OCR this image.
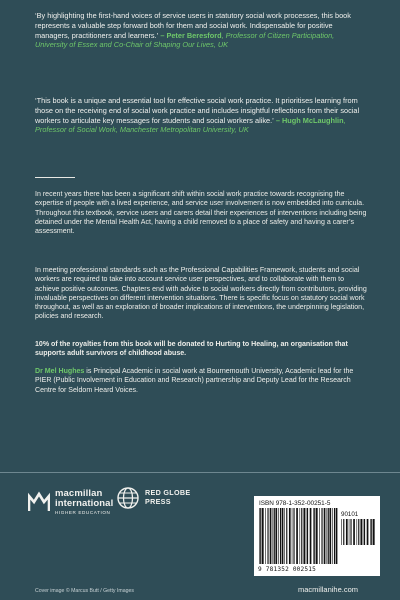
‘By highlighting the first-hand voices of service users in statutory social work processes, this book represents a valuable step forward both for them and social work. Indispensable for positive managers, practitioners and learners.’ – Peter Beresford, Professor of Citizen Participation, University of Essex and Co-Chair of Shaping Our Lives, UK
‘This book is a unique and essential tool for effective social work practice. It prioritises learning from those on the receiving end of social work practice and includes insightful reflections from their social workers to articulate key messages for students and social workers alike.’ – Hugh McLaughlin, Professor of Social Work, Manchester Metropolitan University, UK

In recent years there has been a significant shift within social work practice towards recognising the expertise of people with a lived experience, and service user involvement is now embedded into curricula. Throughout this textbook, service users and carers detail their experiences of interventions including being detained under the Mental Health Act, having a child removed to a place of safety and having a carer’s assessment.

In meeting professional standards such as the Professional Capabilities Framework, students and social workers are required to take into account service user perspectives, and to collaborate with them to achieve positive outcomes. Chapters end with advice to social workers directly from contributors, providing invaluable perspectives on different intervention situations. There is specific focus on statutory social work throughout, as well as an exploration of broader implications of interventions, the underpinning legislation, policies and research.

10% of the royalties from this book will be donated to Hurting to Healing, an organisation that supports adult survivors of childhood abuse.

Dr Mel Hughes is Principal Academic in social work at Bournemouth University, Academic lead for the PIER (Public Involvement in Education and Research) partnership and Deputy Lead for the Research Centre for Seldom Heard Voices.

macmillan
international
HIGHER EDUCATION
RED GLOBE
PRESS	ISBN 978-1-352-00251-5
90101
9 781352 002515
Cover image © Marcus Butt / Getty Images	macmillanihe.com
